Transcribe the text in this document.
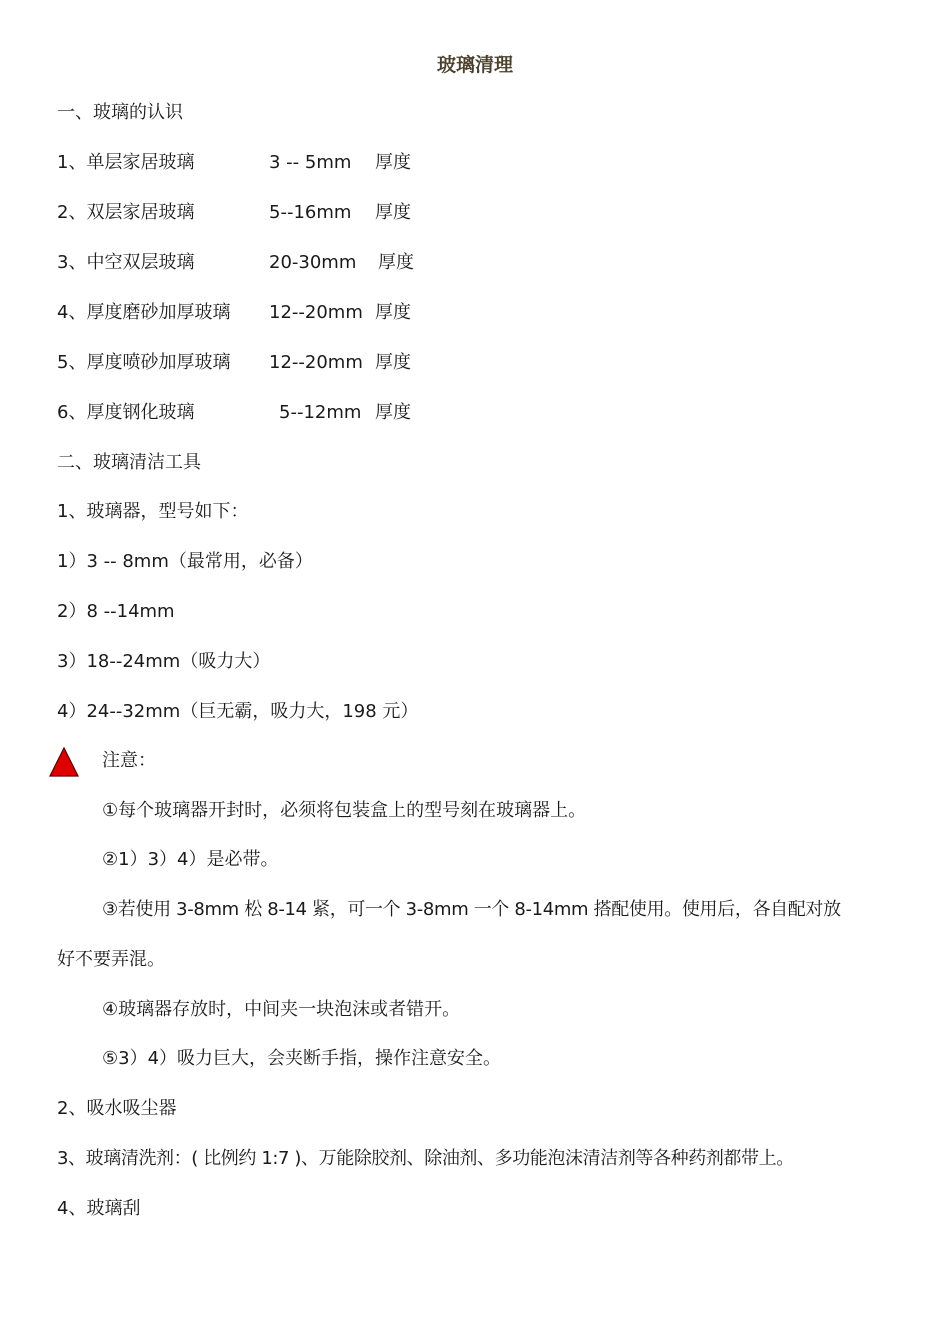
玻璃清理
一、玻璃的认识
1、单层家居玻璃	3 -- 5mm 厚度
2、双层家居玻璃	5--16mm 厚度
3、中空双层玻璃	20-30mm 厚度
4、厚度磨砂加厚玻璃 12--20mm 厚度
5、厚度喷砂加厚玻璃 12--20mm 厚度
6、厚度钢化玻璃	5--12mm 厚度
二、玻璃清洁工具
1、玻璃器，型号如下：
1）3 -- 8mm（最常用，必备）
2）8 --14mm
3）18--24mm（吸力大）
4）24--32mm（巨无霸，吸力大，198 元）
注意：
①每个玻璃器开封时，必须将包装盒上的型号刻在玻璃器上。
②1）3）4）是必带。
③若使用 3-8mm 松 8-14 紧，可一个 3-8mm 一个 8-14mm 搭配使用。使用后，各自配对放
好不要弄混。
④玻璃器存放时，中间夹一块泡沫或者错开。
⑤3）4）吸力巨大，会夹断手指，操作注意安全。
2、吸水吸尘器
3、玻璃清洗剂：( 比例约 1:7 )、万能除胶剂、除油剂、多功能泡沫清洁剂等各种药剂都带上。
4、玻璃刮
